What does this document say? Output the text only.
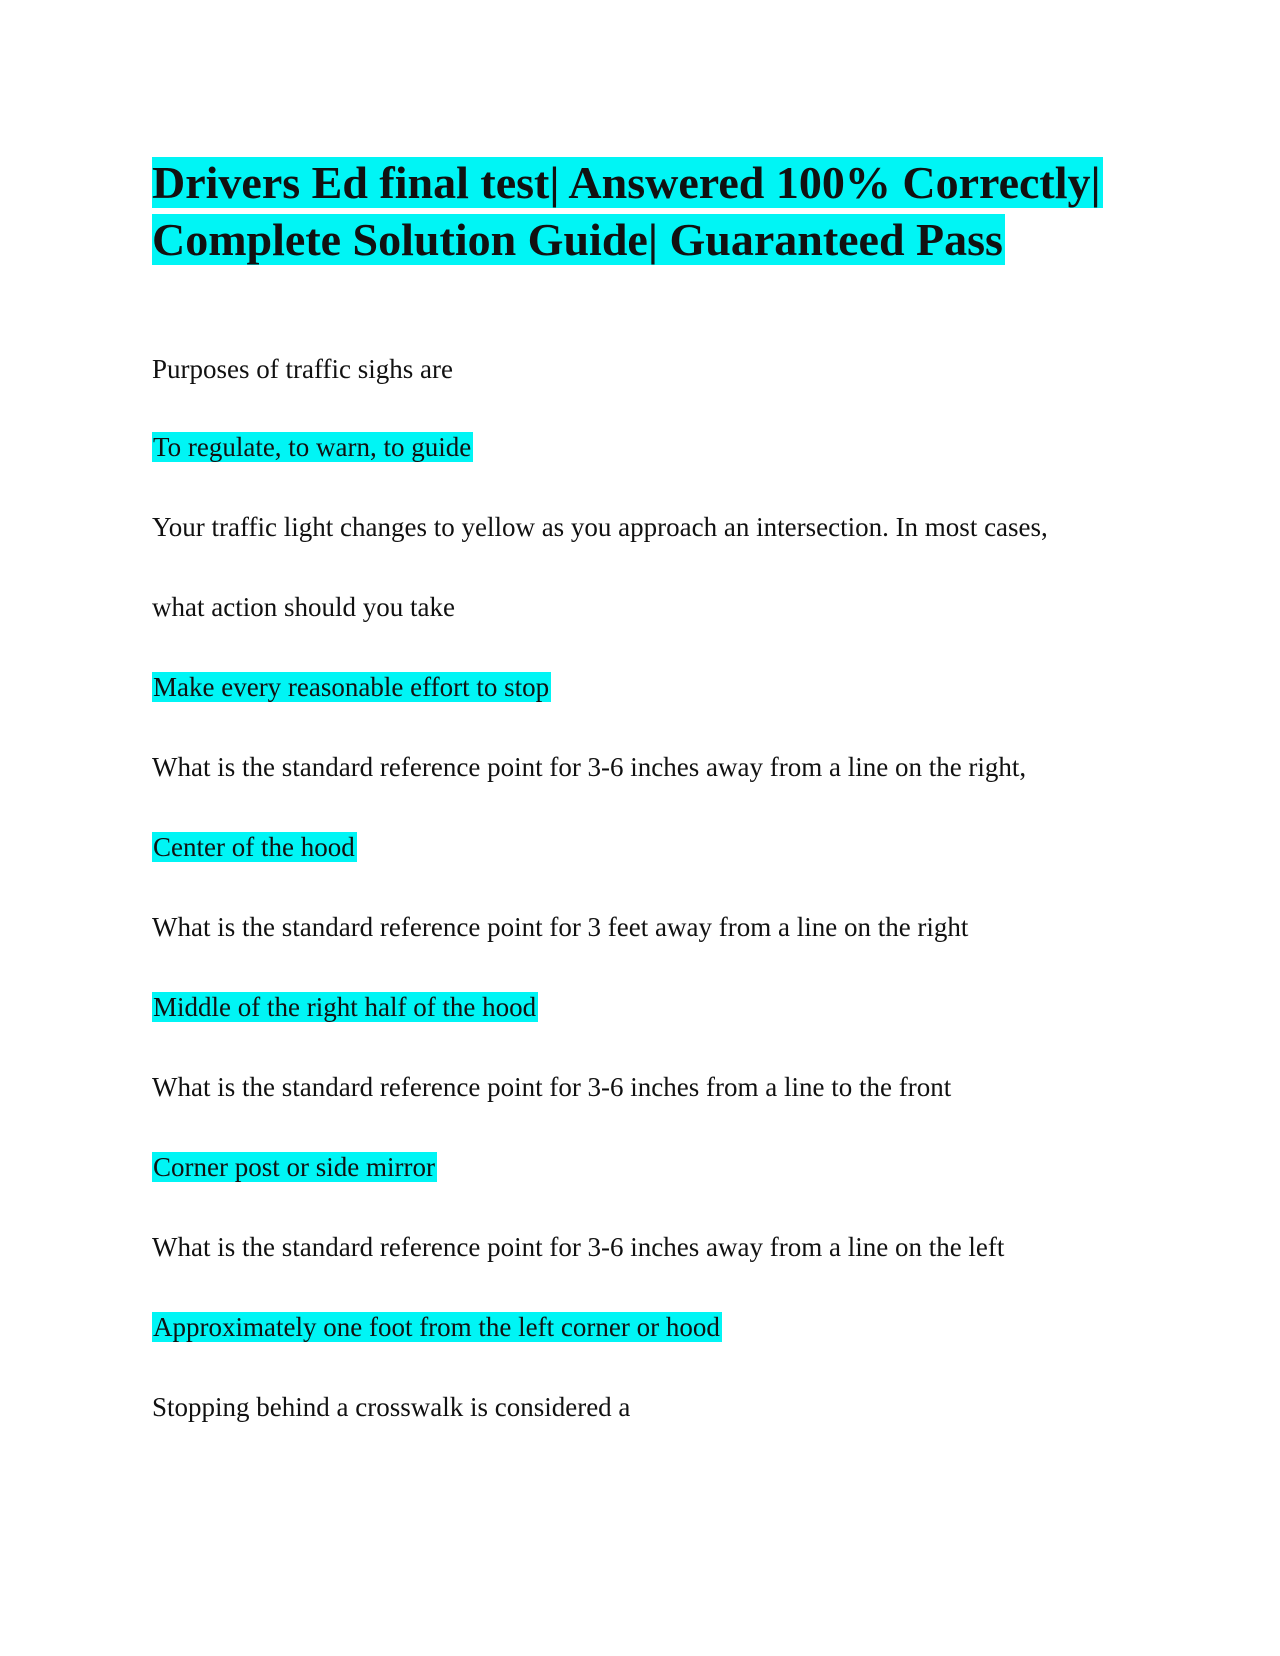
Drivers Ed final test| Answered 100% Correctly| Complete Solution Guide| Guaranteed Pass

Purposes of traffic sighs are

To regulate, to warn, to guide

Your traffic light changes to yellow as you approach an intersection. In most cases,

what action should you take

Make every reasonable effort to stop

What is the standard reference point for 3-6 inches away from a line on the right,

Center of the hood

What is the standard reference point for 3 feet away from a line on the right

Middle of the right half of the hood

What is the standard reference point for 3-6 inches from a line to the front

Corner post or side mirror

What is the standard reference point for 3-6 inches away from a line on the left

Approximately one foot from the left corner or hood

Stopping behind a crosswalk is considered a
